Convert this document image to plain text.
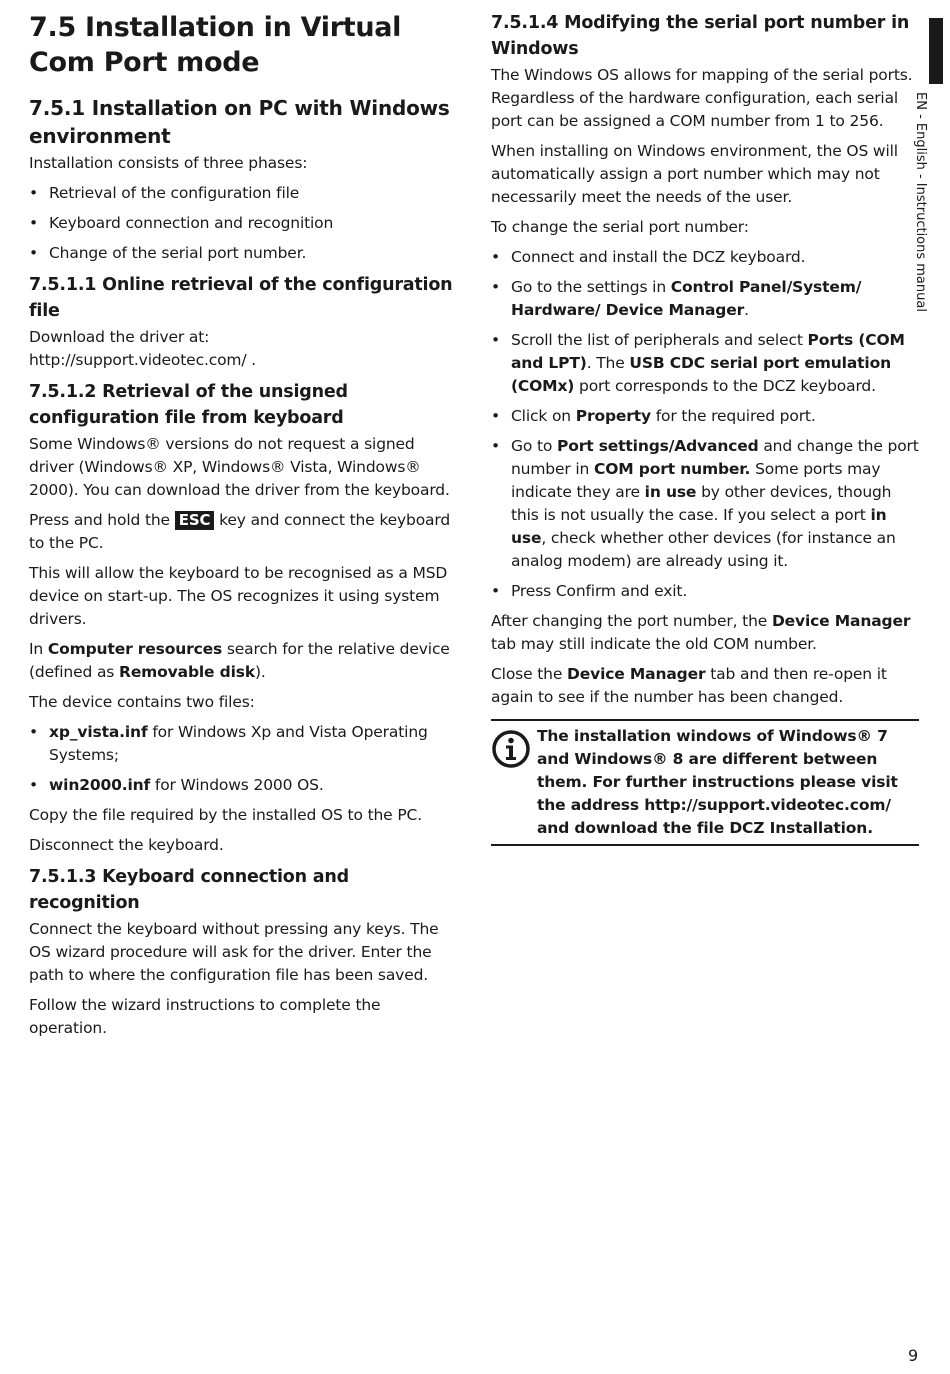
EN - English - Instructions manual
7.5 Installation in Virtual Com Port mode
7.5.1 Installation on PC with Windows environment

Installation consists of three phases:

• Retrieval of the configuration file
• Keyboard connection and recognition
• Change of the serial port number.
7.5.1.1 Online retrieval of the configuration file

Download the driver at:
http://support.videotec.com/ .

7.5.1.2 Retrieval of the unsigned configuration file from keyboard

Some Windows® versions do not request a signed driver (Windows® XP, Windows® Vista, Windows® 2000). You can download the driver from the keyboard.

Press and hold the ESC key and connect the keyboard to the PC.

This will allow the keyboard to be recognised as a MSD device on start-up. The OS recognizes it using system drivers.

In Computer resources search for the relative device (defined as Removable disk).

The device contains two files:

• xp_vista.inf for Windows Xp and Vista Operating Systems;
• win2000.inf for Windows 2000 OS.

Copy the file required by the installed OS to the PC.

Disconnect the keyboard.

7.5.1.3 Keyboard connection and recognition

Connect the keyboard without pressing any keys. The OS wizard procedure will ask for the driver. Enter the path to where the configuration file has been saved.

Follow the wizard instructions to complete the operation.

7.5.1.4 Modifying the serial port number in Windows

The Windows OS allows for mapping of the serial ports. Regardless of the hardware configuration, each serial port can be assigned a COM number from 1 to 256.

When installing on Windows environment, the OS will automatically assign a port number which may not necessarily meet the needs of the user.

To change the serial port number:

• Connect and install the DCZ keyboard.
• Go to the settings in Control Panel/System/ Hardware/ Device Manager.
• Scroll the list of peripherals and select Ports (COM and LPT). The USB CDC serial port emulation (COMx) port corresponds to the DCZ keyboard.
• Click on Property for the required port.
• Go to Port settings/Advanced and change the port number in COM port number. Some ports may indicate they are in use by other devices, though this is not usually the case. If you select a port in use, check whether other devices (for instance an analog modem) are already using it.
• Press Confirm and exit.

After changing the port number, the Device Manager tab may still indicate the old COM number.

Close the Device Manager tab and then re-open it again to see if the number has been changed.

The installation windows of Windows® 7 and Windows® 8 are different between them. For further instructions please visit the address http://support.videotec.com/ and download the file DCZ Installation.

9
